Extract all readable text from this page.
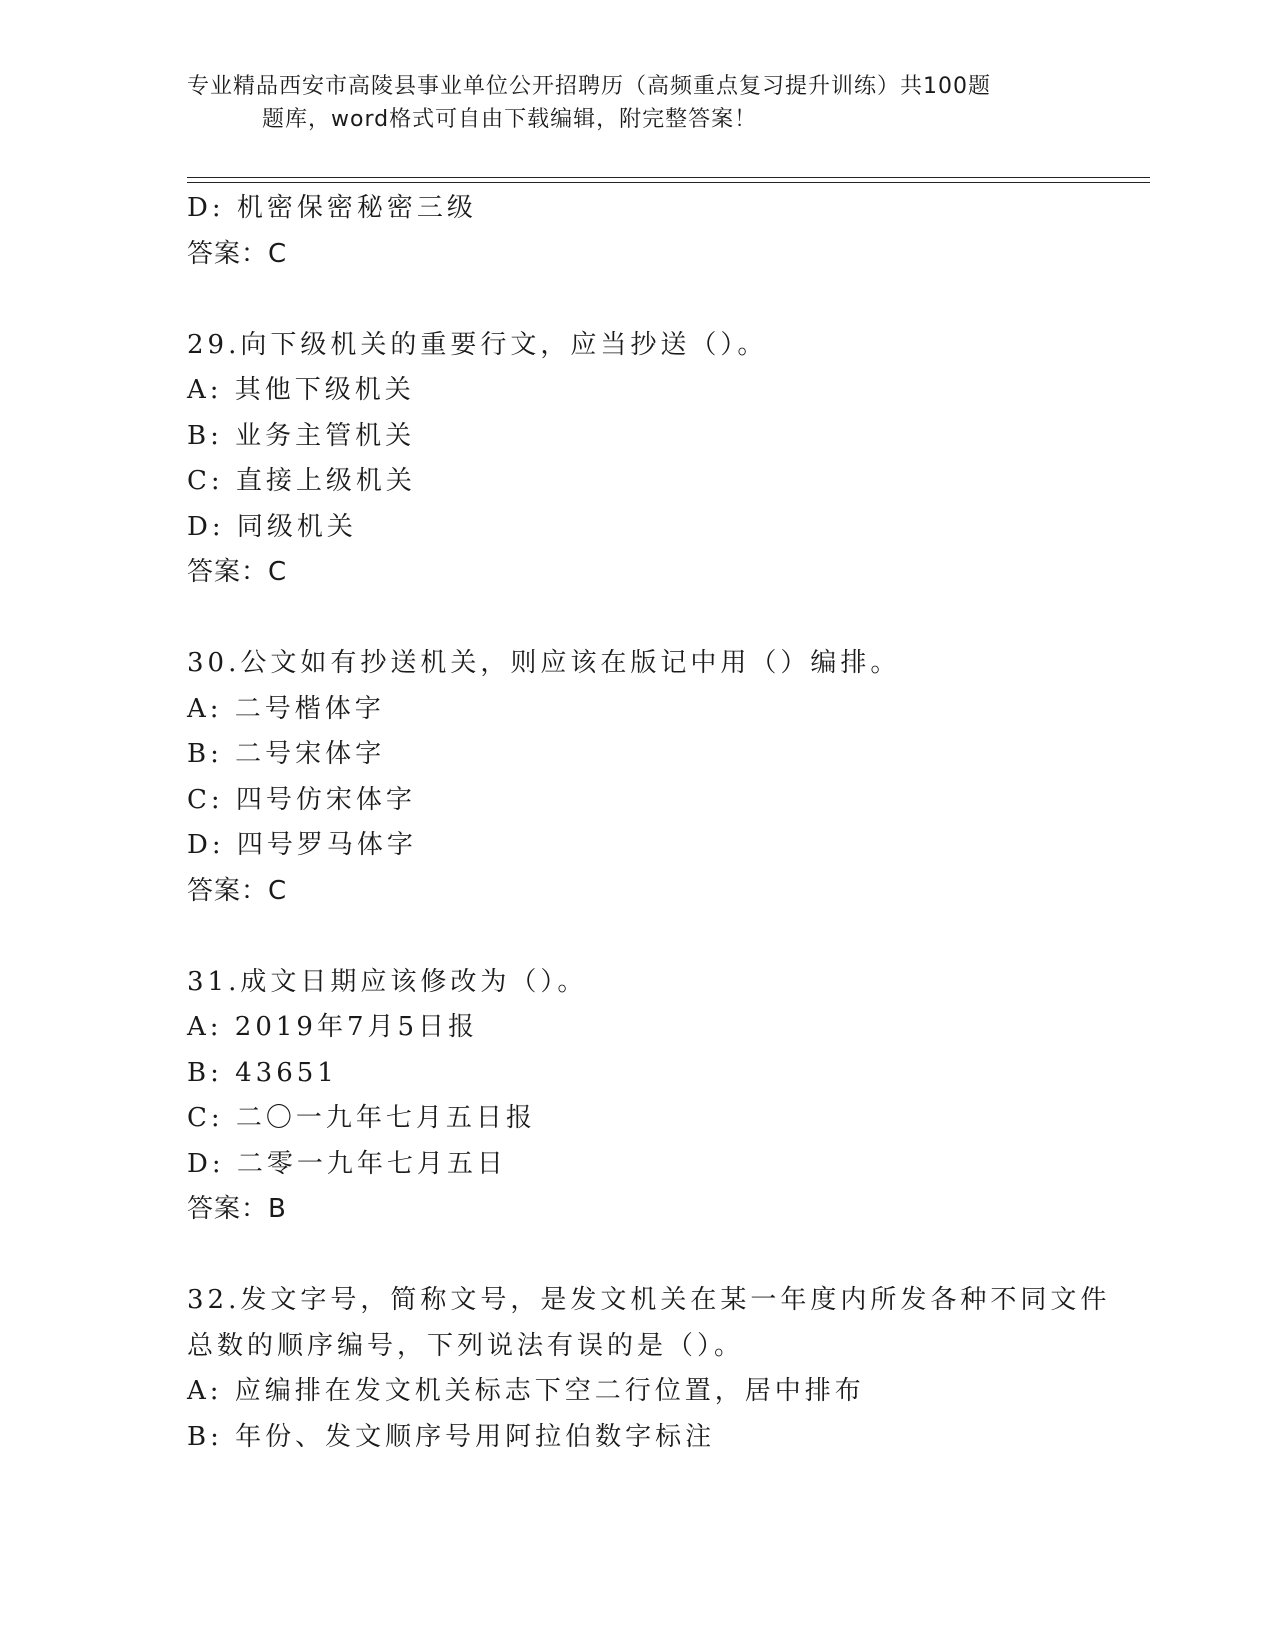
专业精品西安市高陵县事业单位公开招聘历（高频重点复习提升训练）共100题
题库，word格式可自由下载编辑，附完整答案！
D: 机密保密秘密三级
答案：C
29.向下级机关的重要行文，应当抄送（）。
A: 其他下级机关
B: 业务主管机关
C: 直接上级机关
D: 同级机关
答案：C
30.公文如有抄送机关，则应该在版记中用（）编排。
A: 二号楷体字
B: 二号宋体字
C: 四号仿宋体字
D: 四号罗马体字
答案：C
31.成文日期应该修改为（）。
A: 2019年7月5日报
B: 43651
C: 二〇一九年七月五日报
D: 二零一九年七月五日
答案：B
32.发文字号，简称文号，是发文机关在某一年度内所发各种不同文件
总数的顺序编号，下列说法有误的是（）。
A: 应编排在发文机关标志下空二行位置，居中排布
B: 年份、发文顺序号用阿拉伯数字标注
